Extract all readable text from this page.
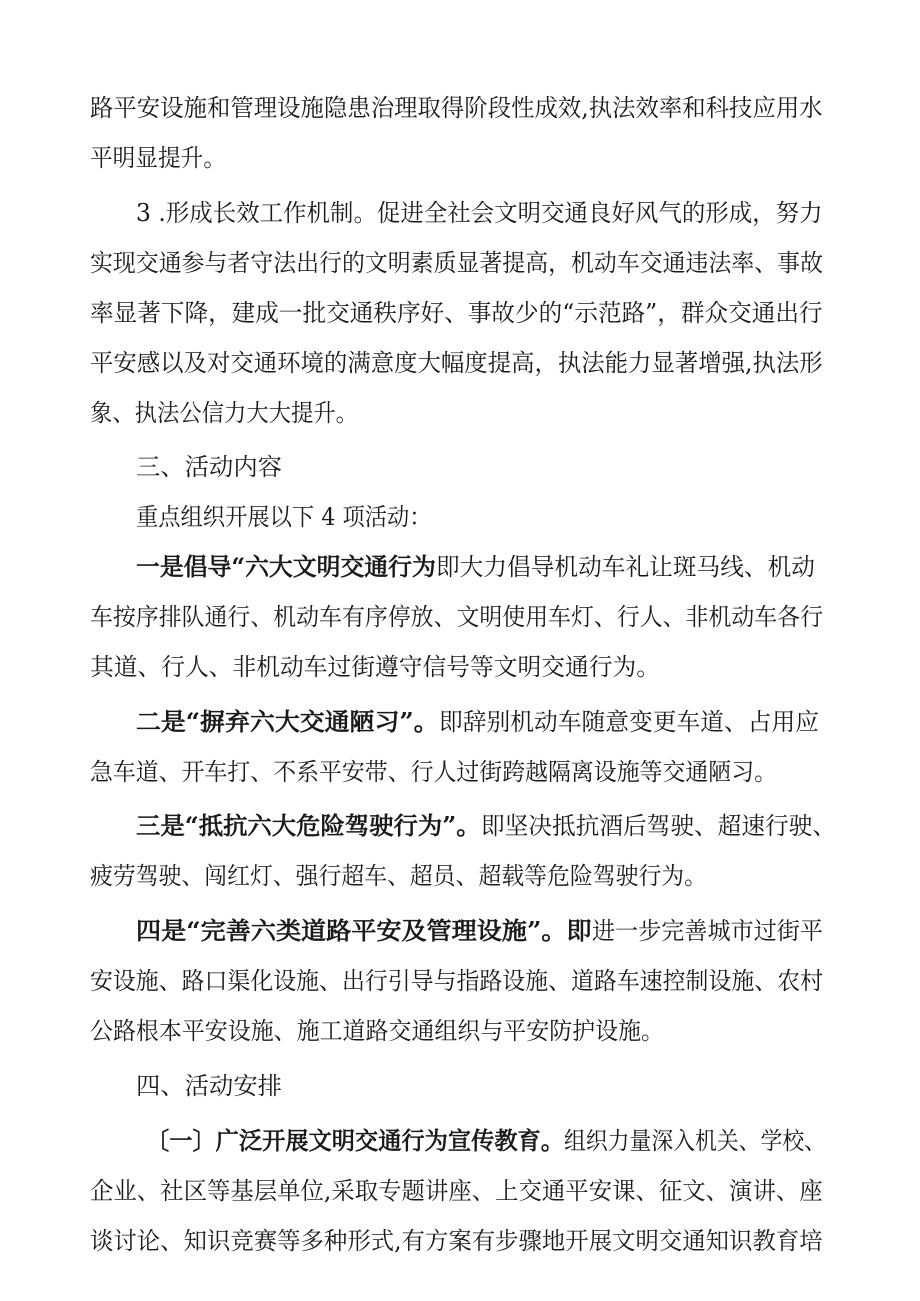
路平安设施和管理设施隐患治理取得阶段性成效,执法效率和科技应用水
平明显提升。
3 .形成长效工作机制。促进全社会文明交通良好风气的形成，努力
实现交通参与者守法出行的文明素质显著提高，机动车交通违法率、事故
率显著下降，建成一批交通秩序好、事故少的“示范路”，群众交通出行
平安感以及对交通环境的满意度大幅度提高，执法能力显著增强,执法形
象、执法公信力大大提升。
三、活动内容
重点组织开展以下 4 项活动：
一是倡导“六大文明交通行为即大力倡导机动车礼让斑马线、机动
车按序排队通行、机动车有序停放、文明使用车灯、行人、非机动车各行
其道、行人、非机动车过街遵守信号等文明交通行为。
二是“摒弃六大交通陋习”。即辞别机动车随意变更车道、占用应
急车道、开车打、不系平安带、行人过街跨越隔离设施等交通陋习。
三是“抵抗六大危险驾驶行为”。即坚决抵抗酒后驾驶、超速行驶、
疲劳驾驶、闯红灯、强行超车、超员、超载等危险驾驶行为。
四是“完善六类道路平安及管理设施”。即进一步完善城市过街平
安设施、路口渠化设施、出行引导与指路设施、道路车速控制设施、农村
公路根本平安设施、施工道路交通组织与平安防护设施。
四、活动安排
〔一〕广泛开展文明交通行为宣传教育。组织力量深入机关、学校、
企业、社区等基层单位,采取专题讲座、上交通平安课、征文、演讲、座
谈讨论、知识竞赛等多种形式,有方案有步骤地开展文明交通知识教育培
